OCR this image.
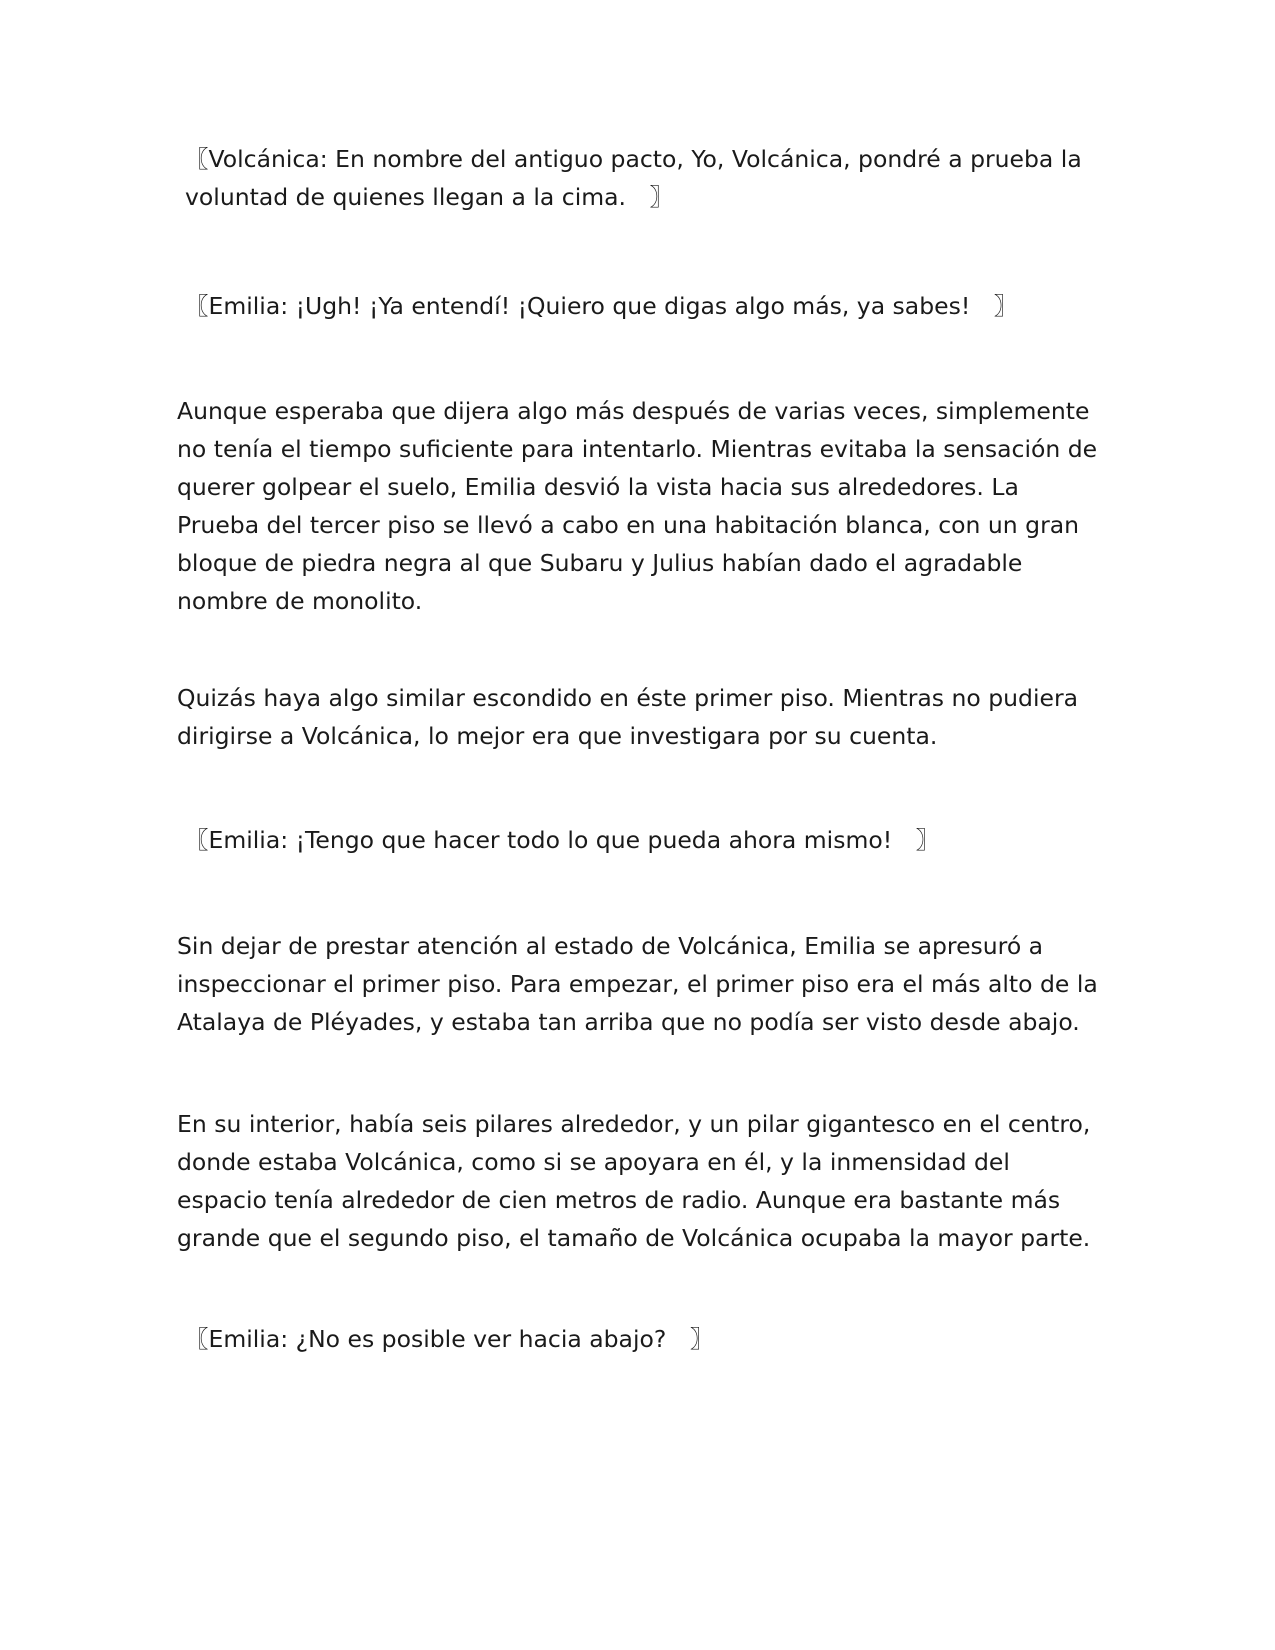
〖Volcánica: En nombre del antiguo pacto, Yo, Volcánica, pondré a prueba la voluntad de quienes llegan a la cima.　〗

〖Emilia: ¡Ugh! ¡Ya entendí! ¡Quiero que digas algo más, ya sabes!　〗

Aunque esperaba que dijera algo más después de varias veces, simplemente no tenía el tiempo suficiente para intentarlo. Mientras evitaba la sensación de querer golpear el suelo, Emilia desvió la vista hacia sus alrededores. La Prueba del tercer piso se llevó a cabo en una habitación blanca, con un gran bloque de piedra negra al que Subaru y Julius habían dado el agradable nombre de monolito.

Quizás haya algo similar escondido en éste primer piso. Mientras no pudiera dirigirse a Volcánica, lo mejor era que investigara por su cuenta.

〖Emilia: ¡Tengo que hacer todo lo que pueda ahora mismo!　〗

Sin dejar de prestar atención al estado de Volcánica, Emilia se apresuró a inspeccionar el primer piso. Para empezar, el primer piso era el más alto de la Atalaya de Pléyades, y estaba tan arriba que no podía ser visto desde abajo.

En su interior, había seis pilares alrededor, y un pilar gigantesco en el centro, donde estaba Volcánica, como si se apoyara en él, y la inmensidad del espacio tenía alrededor de cien metros de radio. Aunque era bastante más grande que el segundo piso, el tamaño de Volcánica ocupaba la mayor parte.

〖Emilia: ¿No es posible ver hacia abajo?　〗
